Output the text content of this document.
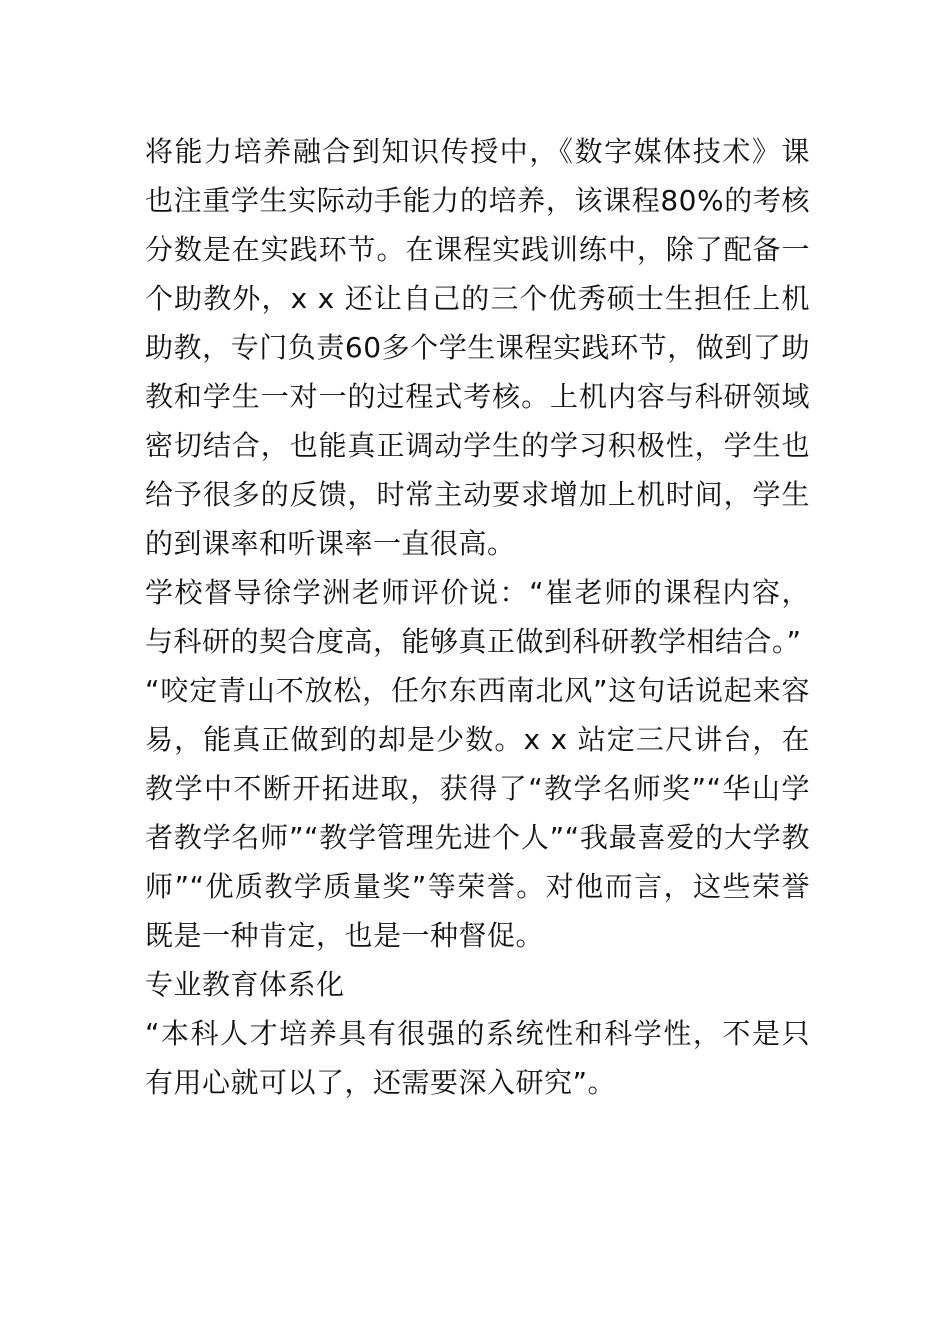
将能力培养融合到知识传授中，《数字媒体技术》课也注重学生实际动手能力的培养，该课程80%的考核分数是在实践环节。在课程实践训练中，除了配备一个助教外，x x 还让自己的三个优秀硕士生担任上机助教，专门负责60多个学生课程实践环节，做到了助教和学生一对一的过程式考核。上机内容与科研领域密切结合，也能真正调动学生的学习积极性，学生也给予很多的反馈，时常主动要求增加上机时间，学生的到课率和听课率一直很高。

学校督导徐学洲老师评价说：“崔老师的课程内容，与科研的契合度高，能够真正做到科研教学相结合。”

“咬定青山不放松，任尔东西南北风”这句话说起来容易，能真正做到的却是少数。x x 站定三尺讲台，在教学中不断开拓进取，获得了“教学名师奖”“华山学者教学名师”“教学管理先进个人”“我最喜爱的大学教师”“优质教学质量奖”等荣誉。对他而言，这些荣誉既是一种肯定，也是一种督促。

专业教育体系化

“本科人才培养具有很强的系统性和科学性，不是只有用心就可以了，还需要深入研究”。
